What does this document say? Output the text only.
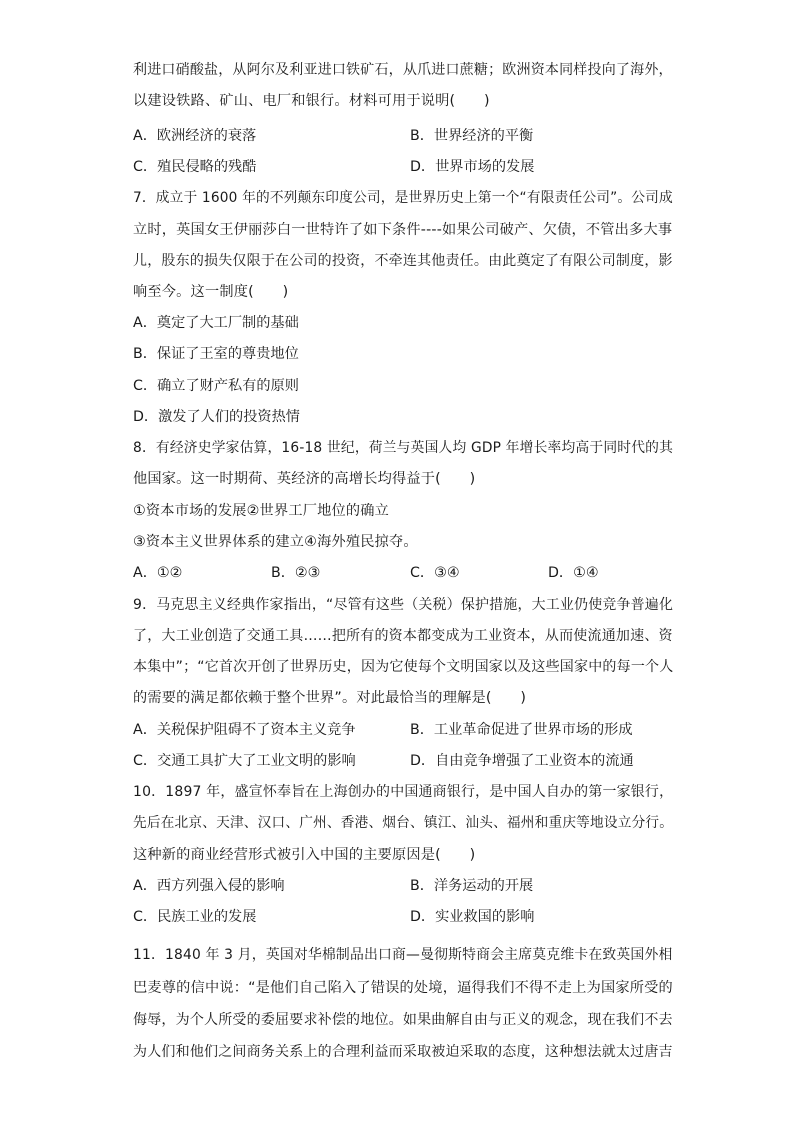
利进口硝酸盐，从阿尔及利亚进口铁矿石，从爪进口蔗糖；欧洲资本同样投向了海外，
以建设铁路、矿山、电厂和银行。材料可用于说明(　　)
A．欧洲经济的衰落	B．世界经济的平衡
C．殖民侵略的残酷	D．世界市场的发展
7．成立于 1600 年的不列颠东印度公司，是世界历史上第一个“有限责任公司”。公司成
立时，英国女王伊丽莎白一世特许了如下条件----如果公司破产、欠债，不管出多大事
儿，股东的损失仅限于在公司的投资，不牵连其他责任。由此奠定了有限公司制度，影
响至今。这一制度(　　)
A．奠定了大工厂制的基础
B．保证了王室的尊贵地位
C．确立了财产私有的原则
D．激发了人们的投资热情
8．有经济史学家估算，16-18 世纪，荷兰与英国人均 GDP 年增长率均高于同时代的其
他国家。这一时期荷、英经济的高增长均得益于(　　)
①资本市场的发展②世界工厂地位的确立
③资本主义世界体系的建立④海外殖民掠夺。
A．①②	B．②③	C．③④	D．①④
9．马克思主义经典作家指出，“尽管有这些（关税）保护措施，大工业仍使竞争普遍化
了，大工业创造了交通工具……把所有的资本都变成为工业资本，从而使流通加速、资
本集中”；“它首次开创了世界历史，因为它使每个文明国家以及这些国家中的每一个人
的需要的满足都依赖于整个世界”。对此最恰当的理解是(　　)
A．关税保护阻碍不了资本主义竞争	B．工业革命促进了世界市场的形成
C．交通工具扩大了工业文明的影响	D．自由竞争增强了工业资本的流通
10．1897 年，盛宣怀奉旨在上海创办的中国通商银行，是中国人自办的第一家银行，
先后在北京、天津、汉口、广州、香港、烟台、镇江、汕头、福州和重庆等地设立分行。
这种新的商业经营形式被引入中国的主要原因是(　　)
A．西方列强入侵的影响	B．洋务运动的开展
C．民族工业的发展	D．实业救国的影响
11．1840 年 3 月，英国对华棉制品出口商—曼彻斯特商会主席莫克维卡在致英国外相
巴麦尊的信中说：“是他们自己陷入了错误的处境，逼得我们不得不走上为国家所受的
侮辱，为个人所受的委屈要求补偿的地位。如果曲解自由与正义的观念，现在我们不去
为人们和他们之间商务关系上的合理利益而采取被迫采取的态度，这种想法就太过唐吉
